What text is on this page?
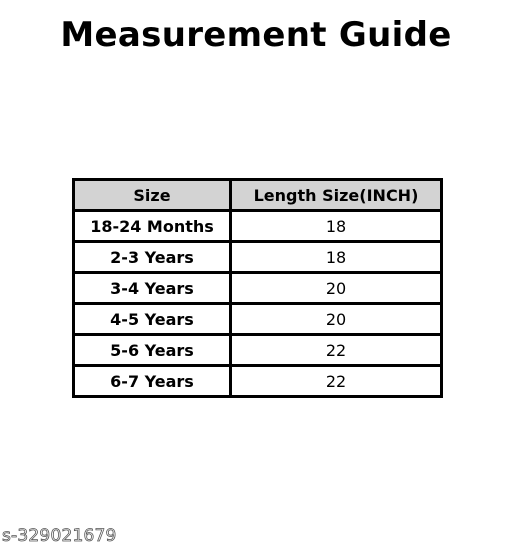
Measurement Guide
Size	Length Size(INCH)
18-24 Months	18
2-3 Years	18
3-4 Years	20
4-5 Years	20
5-6 Years	22
6-7 Years	22
s-329021679
